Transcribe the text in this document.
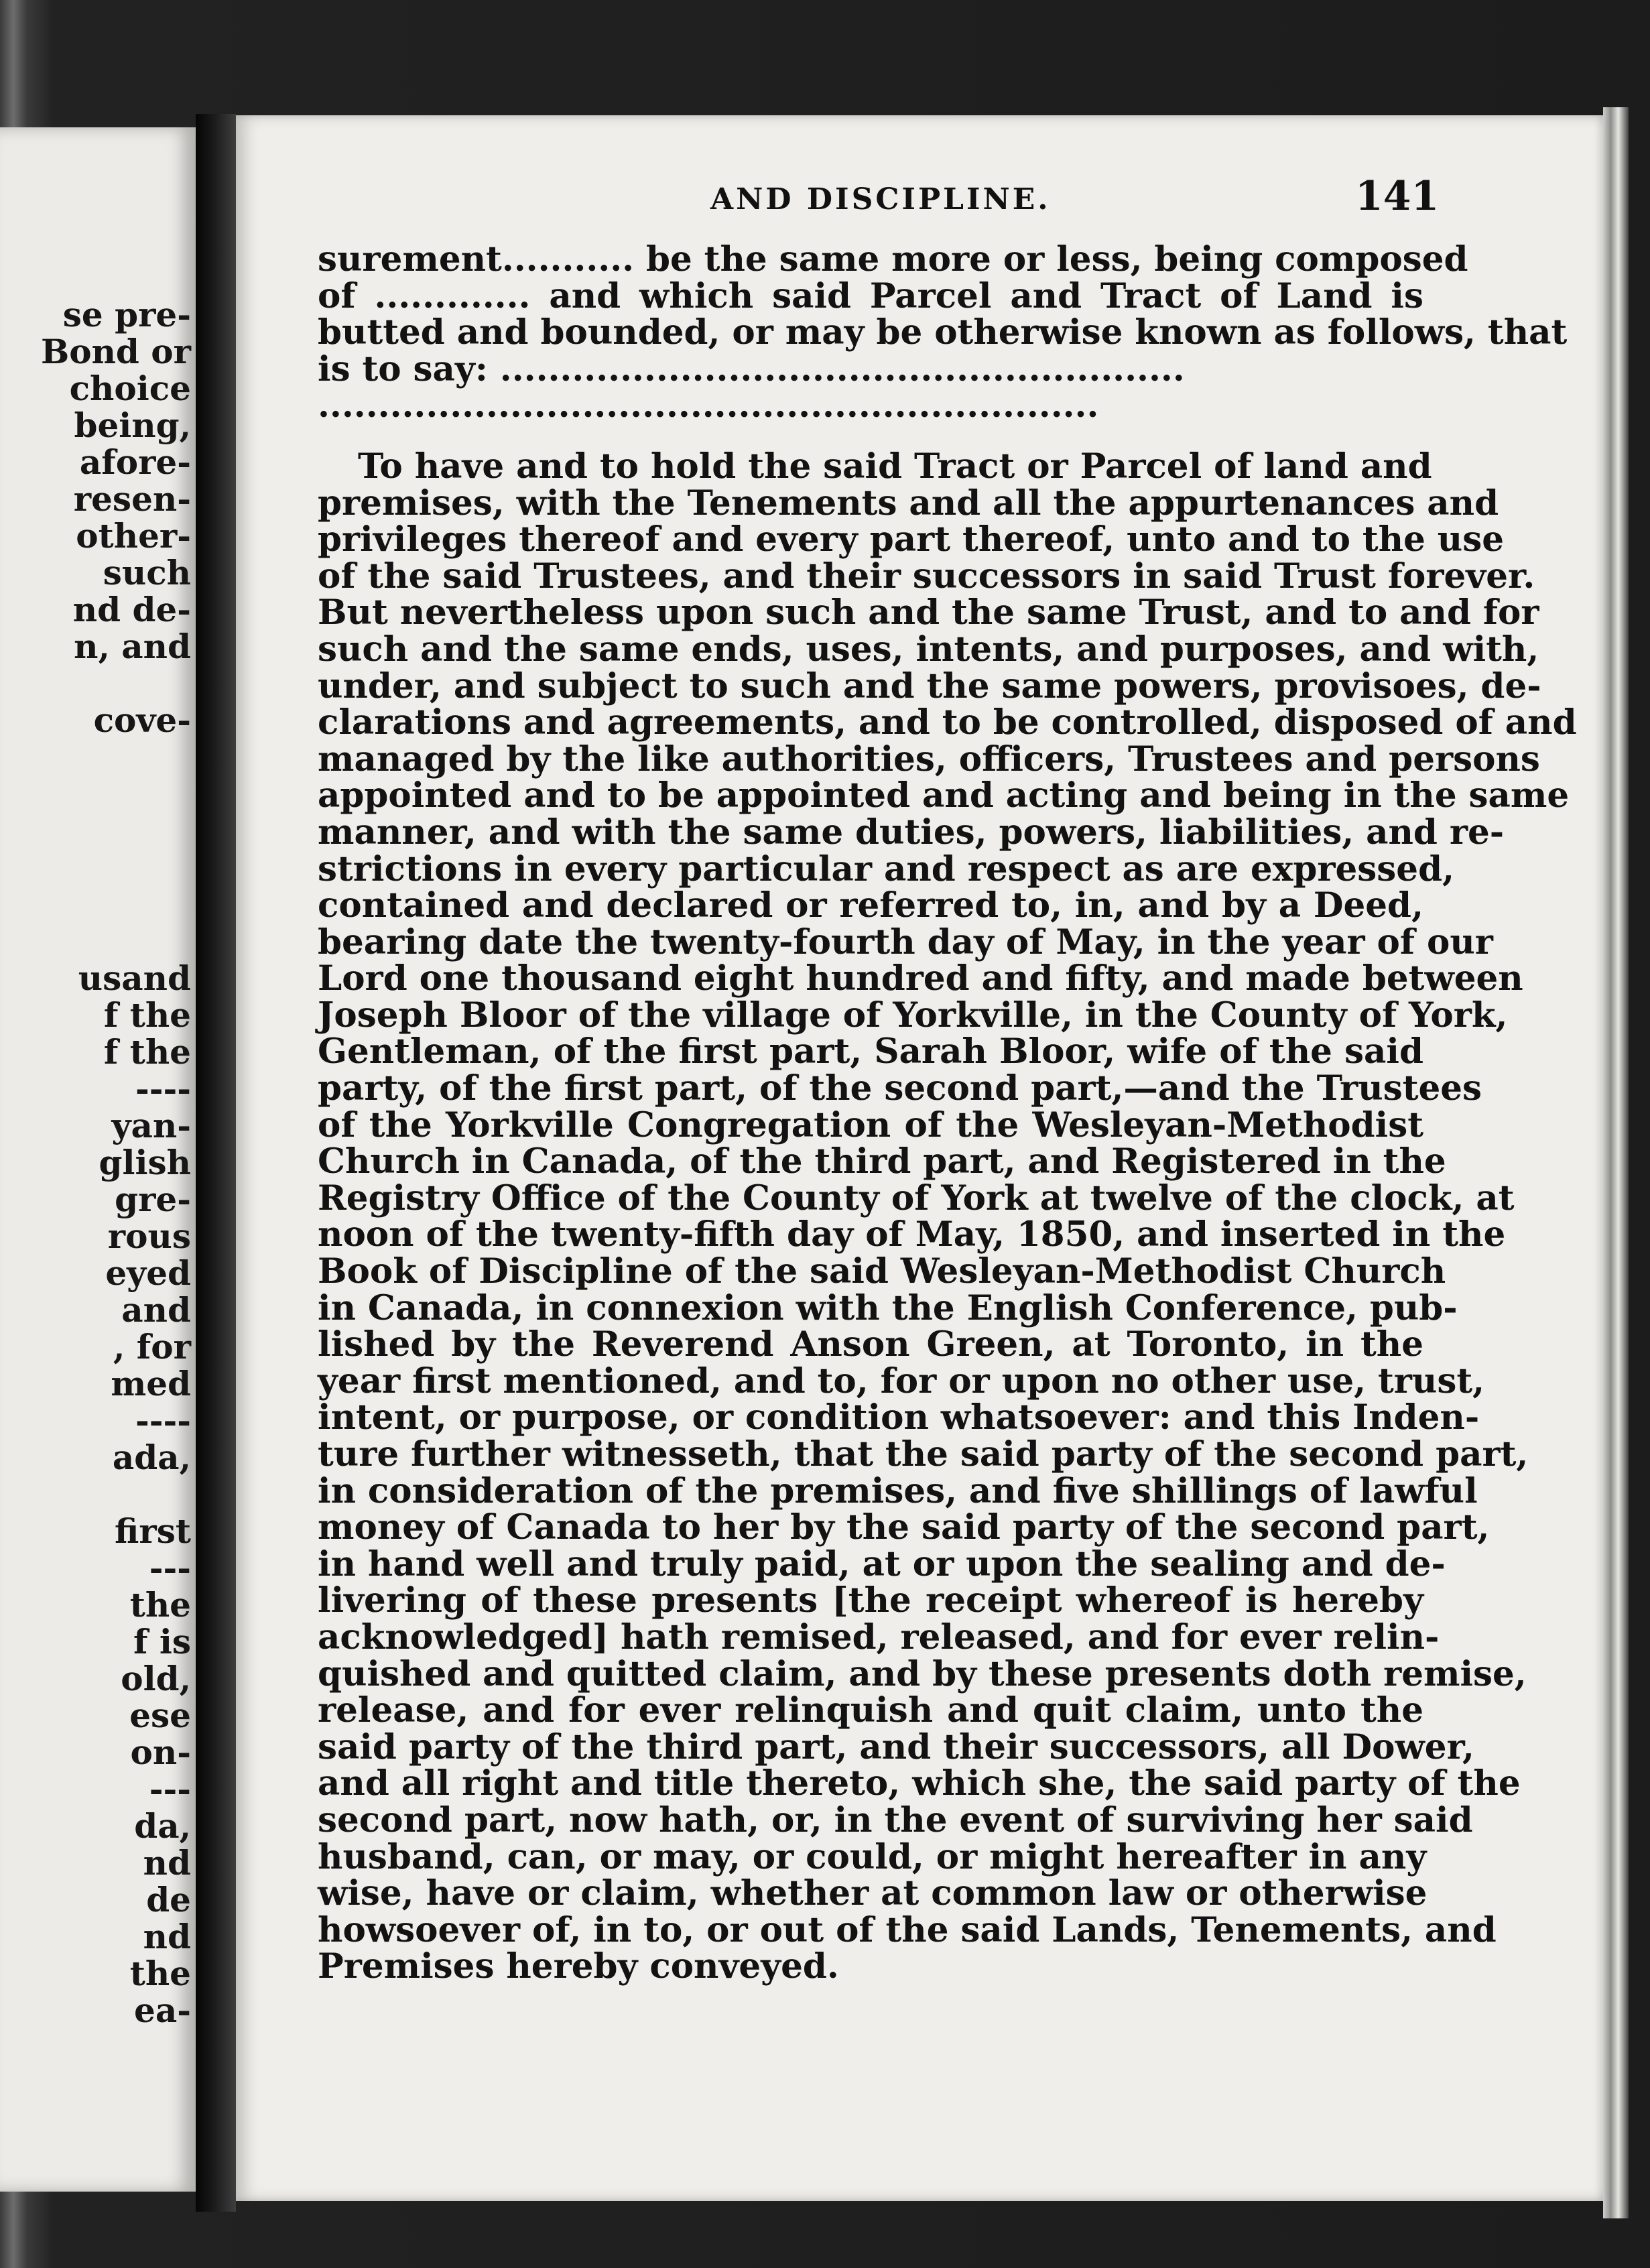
se pre-
Bond or
choice
being,
afore-
resen-
other-
such
nd de-
n, and
cove-
usand
f the
f the
----
yan-
glish
gre-
rous
eyed
and
, for
med
----
ada,
first
---
the
f is
old,
ese
on-
---
da,
nd
de
nd
the
ea-
AND DISCIPLINE.	141
surement........... be the same more or less, being composed
of ............. and which said Parcel and Tract of Land is
butted and bounded, or may be otherwise known as follows, that
is to say: .........................................................
.................................................................
To have and to hold the said Tract or Parcel of land and
premises, with the Tenements and all the appurtenances and
privileges thereof and every part thereof, unto and to the use
of the said Trustees, and their successors in said Trust forever.
But nevertheless upon such and the same Trust, and to and for
such and the same ends, uses, intents, and purposes, and with,
under, and subject to such and the same powers, provisoes, de-
clarations and agreements, and to be controlled, disposed of and
managed by the like authorities, officers, Trustees and persons
appointed and to be appointed and acting and being in the same
manner, and with the same duties, powers, liabilities, and re-
strictions in every particular and respect as are expressed,
contained and declared or referred to, in, and by a Deed,
bearing date the twenty-fourth day of May, in the year of our
Lord one thousand eight hundred and fifty, and made between
Joseph Bloor of the village of Yorkville, in the County of York,
Gentleman, of the first part, Sarah Bloor, wife of the said
party, of the first part, of the second part,—and the Trustees
of the Yorkville Congregation of the Wesleyan-Methodist
Church in Canada, of the third part, and Registered in the
Registry Office of the County of York at twelve of the clock, at
noon of the twenty-fifth day of May, 1850, and inserted in the
Book of Discipline of the said Wesleyan-Methodist Church
in Canada, in connexion with the English Conference, pub-
lished by the Reverend Anson Green, at Toronto, in the
year first mentioned, and to, for or upon no other use, trust,
intent, or purpose, or condition whatsoever: and this Inden-
ture further witnesseth, that the said party of the second part,
in consideration of the premises, and five shillings of lawful
money of Canada to her by the said party of the second part,
in hand well and truly paid, at or upon the sealing and de-
livering of these presents [the receipt whereof is hereby
acknowledged] hath remised, released, and for ever relin-
quished and quitted claim, and by these presents doth remise,
release, and for ever relinquish and quit claim, unto the
said party of the third part, and their successors, all Dower,
and all right and title thereto, which she, the said party of the
second part, now hath, or, in the event of surviving her said
husband, can, or may, or could, or might hereafter in any
wise, have or claim, whether at common law or otherwise
howsoever of, in to, or out of the said Lands, Tenements, and
Premises hereby conveyed.
